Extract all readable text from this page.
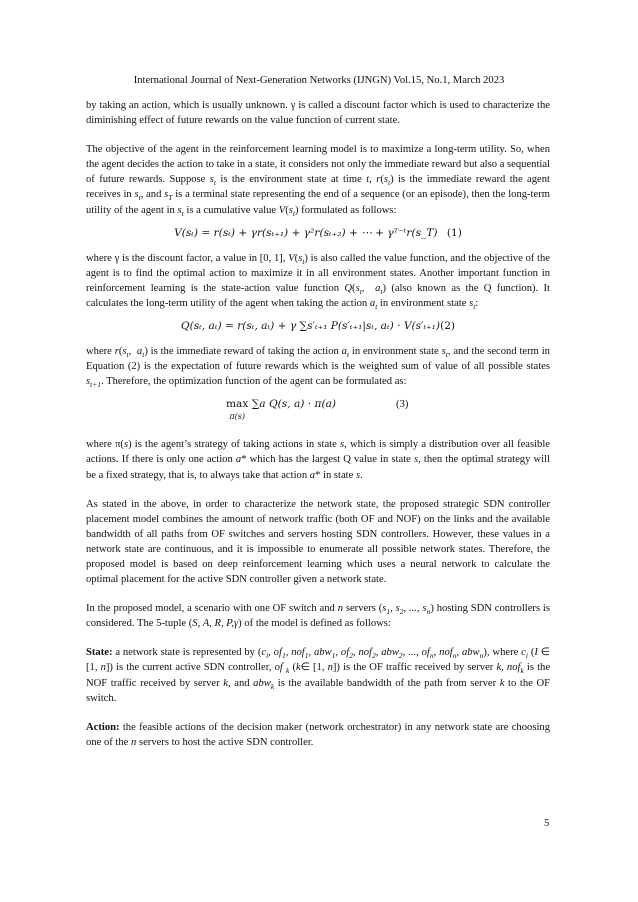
International Journal of Next-Generation Networks (IJNGN) Vol.15, No.1, March 2023

by taking an action, which is usually unknown. γ is called a discount factor which is used to characterize the diminishing effect of future rewards on the value function of current state.

The objective of the agent in the reinforcement learning model is to maximize a long-term utility. So, when the agent decides the action to take in a state, it considers not only the immediate reward but also a sequential of future rewards. Suppose $s_t$ is the environment state at time t, $r(s_t)$ is the immediate reward the agent receives in $s_t$, and $s_T$ is a terminal state representing the end of a sequence (or an episode), then the long-term utility of the agent in $s_t$ is a cumulative value $V(s_t)$ formulated as follows:

V(sₜ) = r(sₜ) + γr(sₜ₊₁) + γ²r(sₜ₊₂) + ⋯ + γᵀ⁻ᵗr(s_T) (1)

where γ is the discount factor, a value in [0, 1], $V(s_t)$ is also called the value function, and the objective of the agent is to find the optimal action to maximize it in all environment states. Another important function in reinforcement learning is the state-action value function $Q(s_t$,  $a_t$) (also known as the Q function). It calculates the long-term utility of the agent when taking the action $a_t$ in environment state $s_t$:

Q(sₜ, aₜ) = r(sₜ, aₜ) + γ ∑s′ₜ₊₁ P(s′ₜ₊₁|sₜ, aₜ) · V(s′ₜ₊₁)(2)

where $r(s_t$,  $a_t$) is the immediate reward of taking the action $a_t$ in environment state $s_t$, and the second term in Equation (2) is the expectation of future rewards which is the weighted sum of value of all possible states $s_{t+1}$. Therefore, the optimization function of the agent can be formulated as:

max
π(s)
∑a Q(s, a) · π(a)	(3)

where π(s) is the agent’s strategy of taking actions in state s, which is simply a distribution over all feasible actions. If there is only one action a* which has the largest Q value in state s, then the optimal strategy will be a fixed strategy, that is, to always take that action a* in state s.

As stated in the above, in order to characterize the network state, the proposed strategic SDN controller placement model combines the amount of network traffic (both OF and NOF) on the links and the available bandwidth of all paths from OF switches and servers hosting SDN controllers. However, these values in a network state are continuous, and it is impossible to enumerate all possible network states. Therefore, the proposed model is based on deep reinforcement learning which uses a neural network to calculate the optimal placement for the active SDN controller given a network state.

In the proposed model, a scenario with one OF switch and n servers ($s_1$, $s_2$, ..., $s_n$) hosting SDN controllers is considered. The 5-tuple (S, A, R, P,γ) of the model is defined as follows:

State: a network state is represented by ($c_i$, $of_1$, nof$_1$, abw$_1$, $of_2$, nof$_2$, abw$_2$, ..., $of_n$, nof$_n$, abw$_n$), where $c_i$ (I ∈ [1, n]) is the current active SDN controller, of $_k$ (k∈ [1, n]) is the OF traffic received by server k, nof$_k$ is the NOF traffic received by server k, and abw$_k$ is the available bandwidth of the path from server k to the OF switch.

Action: the feasible actions of the decision maker (network orchestrator) in any network state are choosing one of the n servers to host the active SDN controller.

5
